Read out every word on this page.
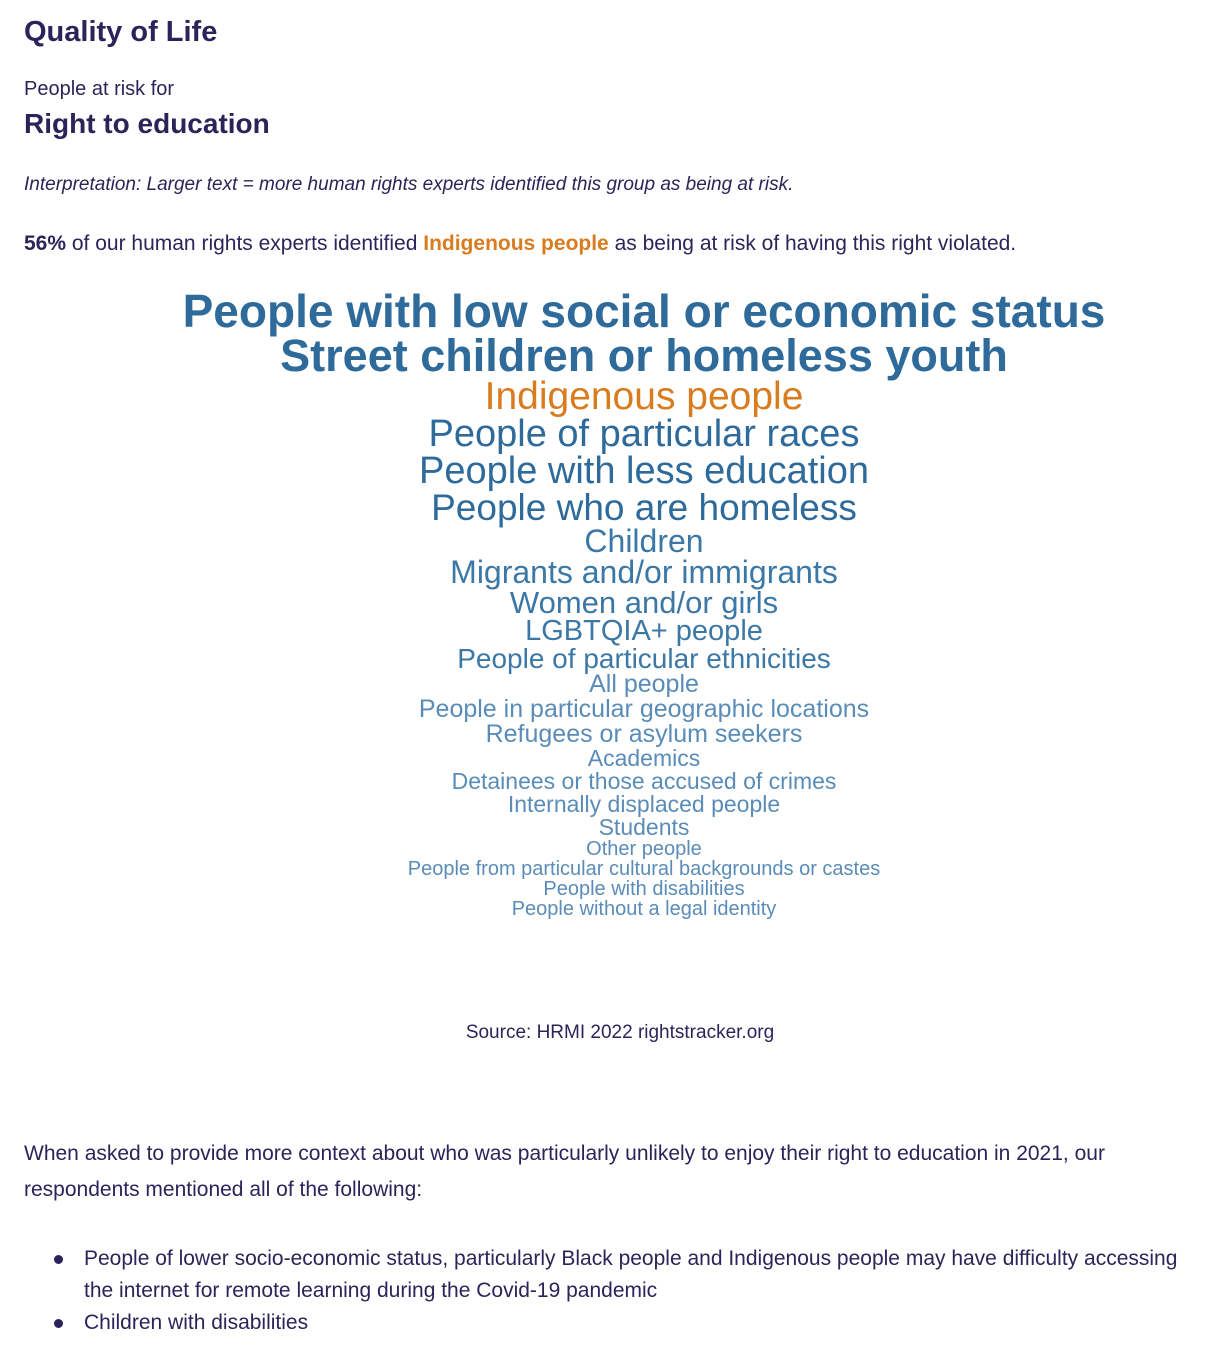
Quality of Life
People at risk for
Right to education
Interpretation: Larger text = more human rights experts identified this group as being at risk.
56% of our human rights experts identified Indigenous people as being at risk of having this right violated.
People with low social or economic status
Street children or homeless youth
Indigenous people
People of particular races
People with less education
People who are homeless
Children
Migrants and/or immigrants
Women and/or girls
LGBTQIA+ people
People of particular ethnicities
All people
People in particular geographic locations
Refugees or asylum seekers
Academics
Detainees or those accused of crimes
Internally displaced people
Students
Other people
People from particular cultural backgrounds or castes
People with disabilities
People without a legal identity
Source: HRMI 2022 rightstracker.org
When asked to provide more context about who was particularly unlikely to enjoy their right to education in 2021, our respondents mentioned all of the following:
People of lower socio-economic status, particularly Black people and Indigenous people may have difficulty accessing the internet for remote learning during the Covid-19 pandemic
Children with disabilities
